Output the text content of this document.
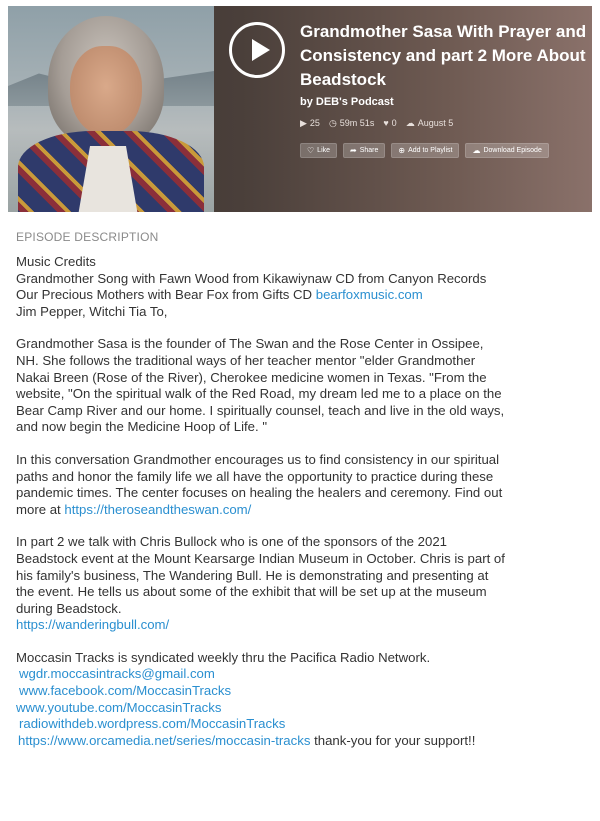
Grandmother Sasa With Prayer and Consistency and part 2 More About Beadstock
by DEB's Podcast
▶ 25 ◷ 59m 51s ♥ 0 ☁ August 5
♡ Like	➦ Share	⊕ Add to Playlist	☁ Download Episode
EPISODE DESCRIPTION
Music Credits
Grandmother Song with Fawn Wood from Kikawiynaw CD from Canyon Records
Our Precious Mothers with Bear Fox from Gifts CD bearfoxmusic.com
Jim Pepper, Witchi Tia To,
Grandmother Sasa is the founder of The Swan and the Rose Center in Ossipee,
NH. She follows the traditional ways of her teacher mentor "elder Grandmother
Nakai Breen (Rose of the River), Cherokee medicine women in Texas. "From the
website, "On the spiritual walk of the Red Road, my dream led me to a place on the
Bear Camp River and our home. I spiritually counsel, teach and live in the old ways,
and now begin the Medicine Hoop of Life. "
In this conversation Grandmother encourages us to find consistency in our spiritual
paths and honor the family life we all have the opportunity to practice during these
pandemic times. The center focuses on healing the healers and ceremony. Find out
more at https://theroseandtheswan.com/
In part 2 we talk with Chris Bullock who is one of the sponsors of the 2021
Beadstock event at the Mount Kearsarge Indian Museum in October. Chris is part of
his family's business, The Wandering Bull. He is demonstrating and presenting at
the event. He tells us about some of the exhibit that will be set up at the museum
during Beadstock.
https://wanderingbull.com/
Moccasin Tracks is syndicated weekly thru the Pacifica Radio Network.
wgdr.moccasintracks@gmail.com
www.facebook.com/MoccasinTracks
www.youtube.com/MoccasinTracks
radiowithdeb.wordpress.com/MoccasinTracks
https://www.orcamedia.net/series/moccasin-tracks thank-you for your support!!
